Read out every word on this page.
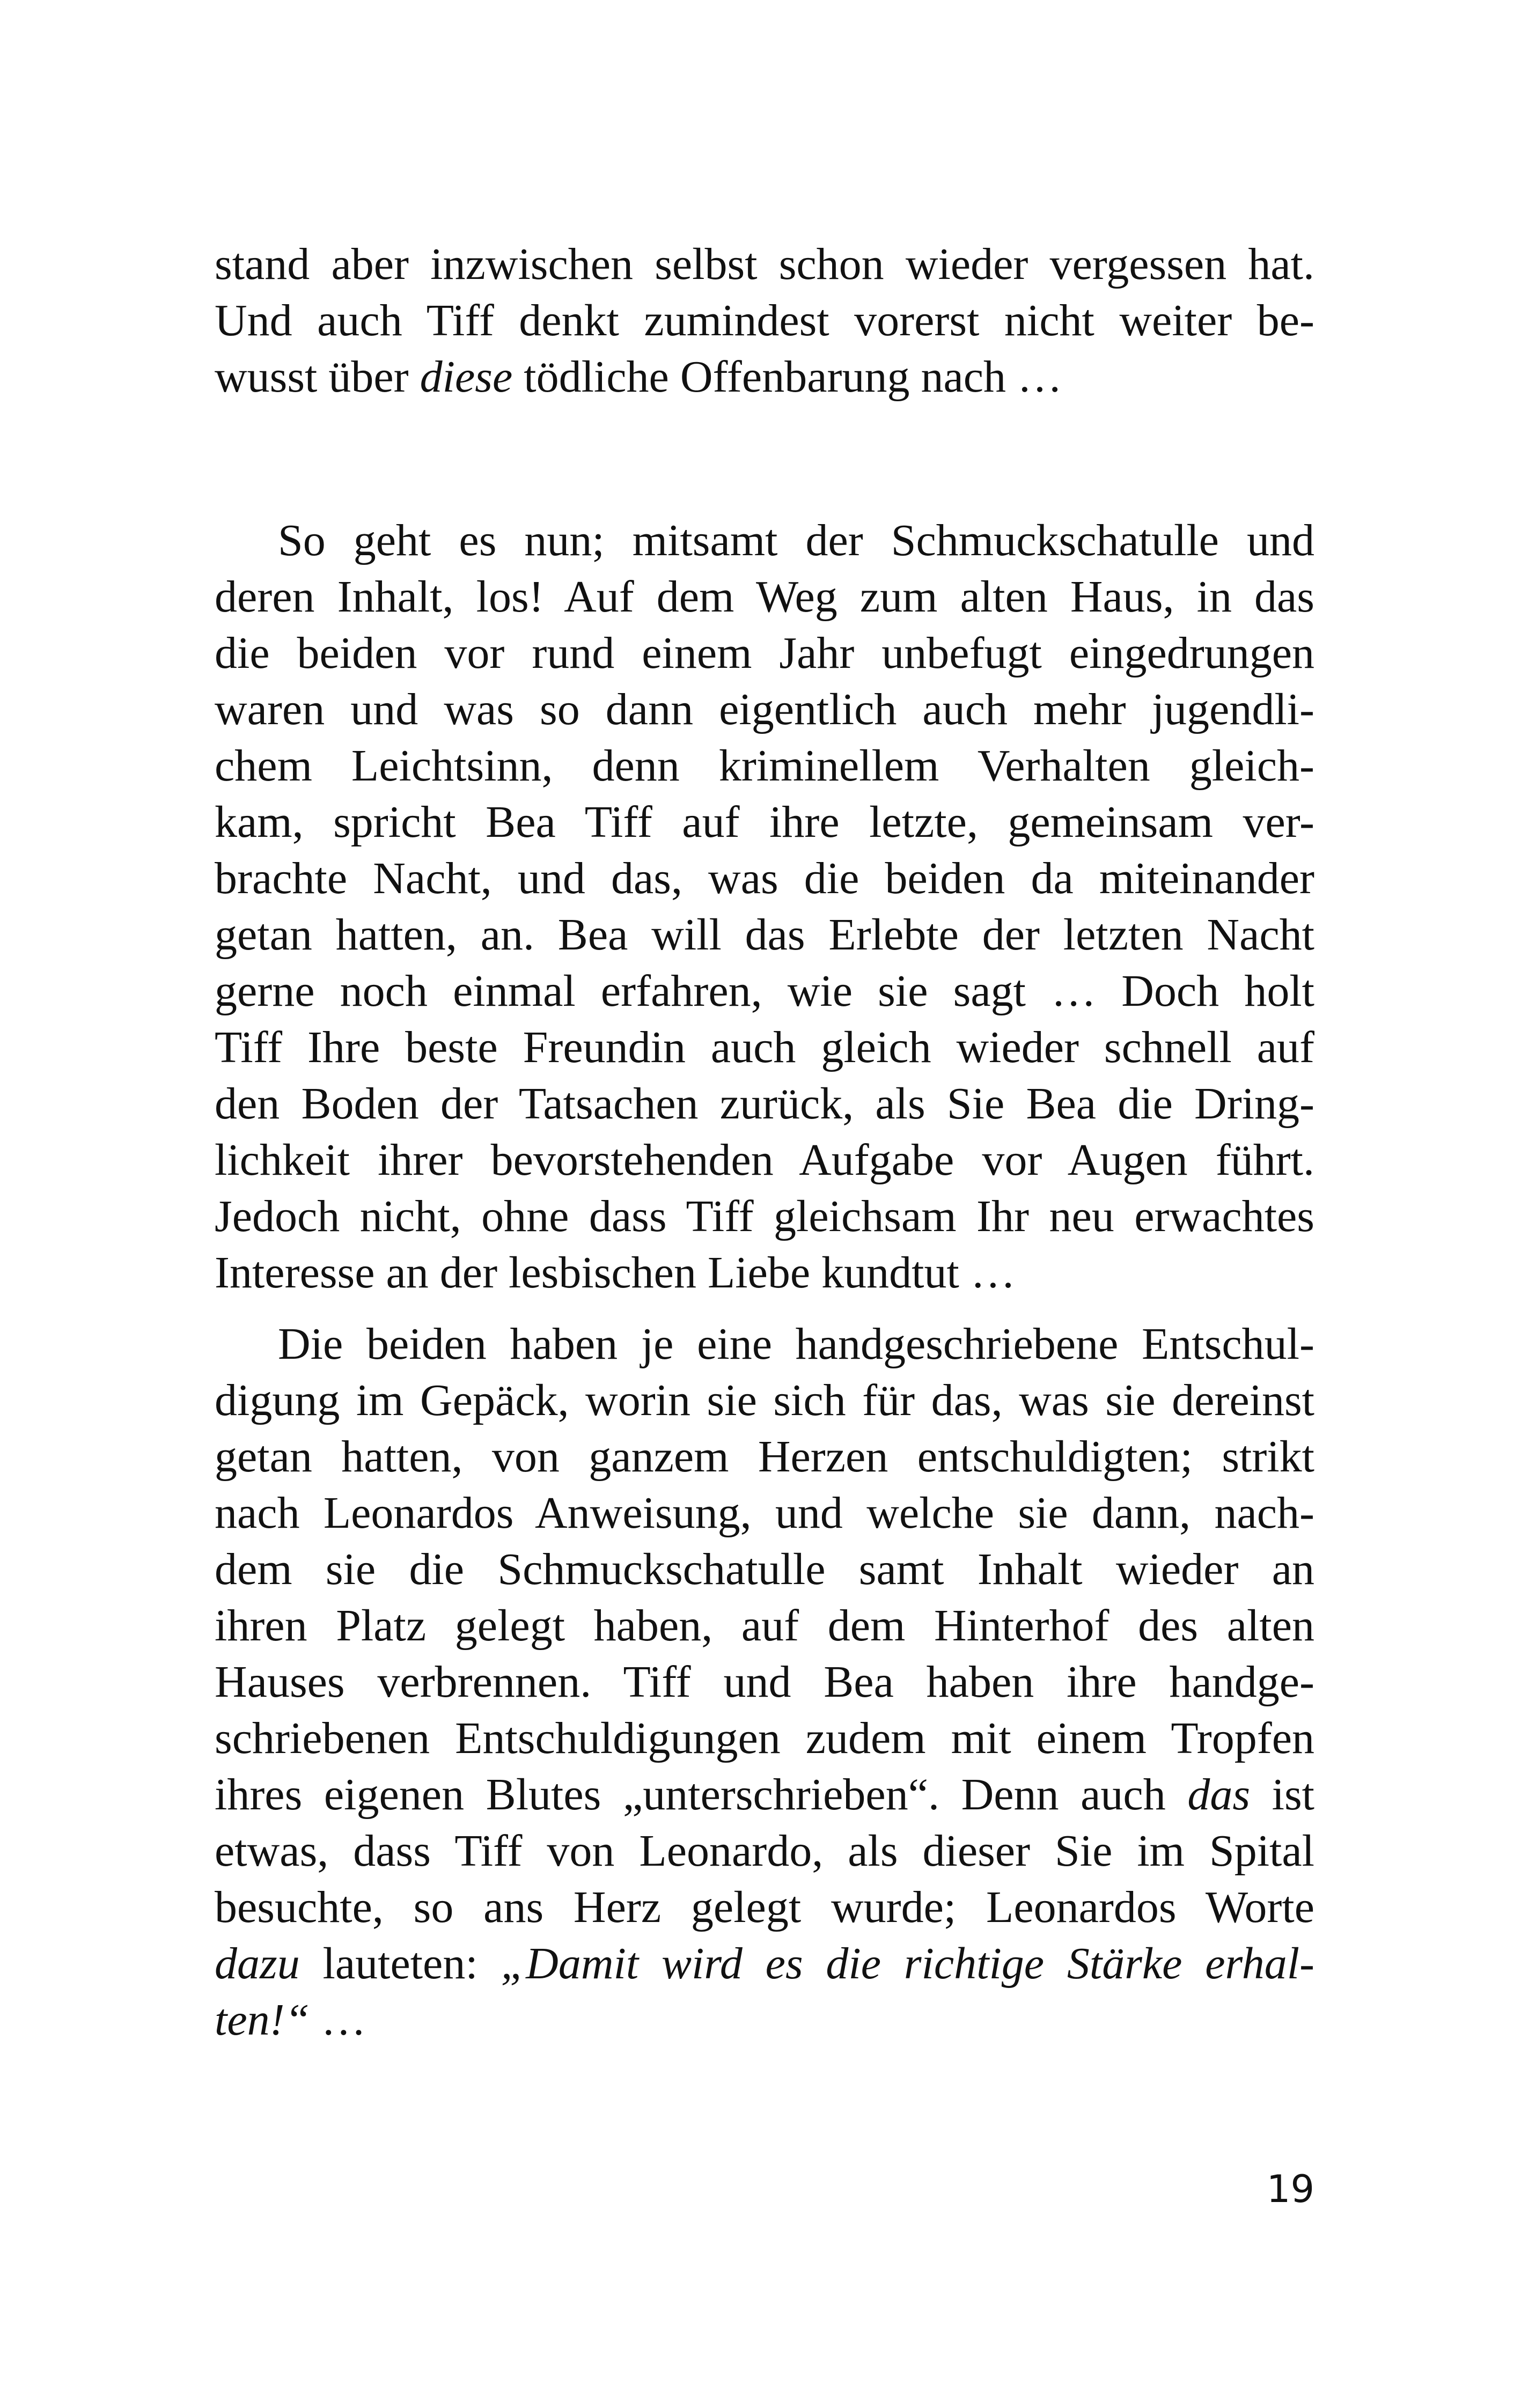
stand aber inzwischen selbst schon wieder vergessen hat.
Und auch Tiff denkt zumindest vorerst nicht weiter be-
wusst über diese tödliche Offenbarung nach …
So geht es nun; mitsamt der Schmuckschatulle und
deren Inhalt, los! Auf dem Weg zum alten Haus, in das
die beiden vor rund einem Jahr unbefugt eingedrungen
waren und was so dann eigentlich auch mehr jugendli-
chem Leichtsinn, denn kriminellem Verhalten gleich-
kam, spricht Bea Tiff auf ihre letzte, gemeinsam ver-
brachte Nacht, und das, was die beiden da miteinander
getan hatten, an. Bea will das Erlebte der letzten Nacht
gerne noch einmal erfahren, wie sie sagt … Doch holt
Tiff Ihre beste Freundin auch gleich wieder schnell auf
den Boden der Tatsachen zurück, als Sie Bea die Dring-
lichkeit ihrer bevorstehenden Aufgabe vor Augen führt.
Jedoch nicht, ohne dass Tiff gleichsam Ihr neu erwachtes
Interesse an der lesbischen Liebe kundtut …
Die beiden haben je eine handgeschriebene Entschul-
digung im Gepäck, worin sie sich für das, was sie dereinst
getan hatten, von ganzem Herzen entschuldigten; strikt
nach Leonardos Anweisung, und welche sie dann, nach-
dem sie die Schmuckschatulle samt Inhalt wieder an
ihren Platz gelegt haben, auf dem Hinterhof des alten
Hauses verbrennen. Tiff und Bea haben ihre handge-
schriebenen Entschuldigungen zudem mit einem Tropfen
ihres eigenen Blutes „unterschrieben“. Denn auch das ist
etwas, dass Tiff von Leonardo, als dieser Sie im Spital
besuchte, so ans Herz gelegt wurde; Leonardos Worte
dazu lauteten: „Damit wird es die richtige Stärke erhal-
ten!“ …
19
